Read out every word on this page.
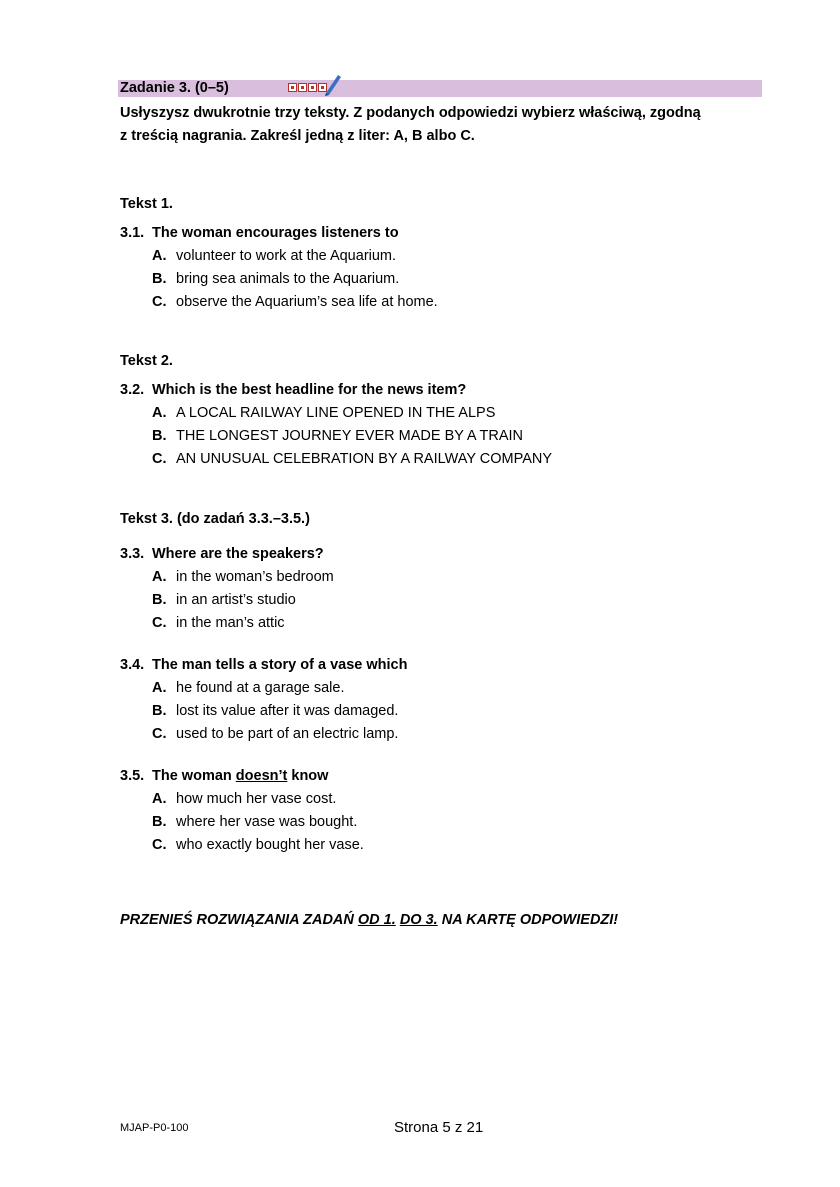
Zadanie 3. (0–5)
Usłyszysz dwukrotnie trzy teksty. Z podanych odpowiedzi wybierz właściwą, zgodną
z treścią nagrania. Zakreśl jedną z liter: A, B albo C.
Tekst 1.
3.1. The woman encourages listeners to
A. volunteer to work at the Aquarium.
B. bring sea animals to the Aquarium.
C. observe the Aquarium’s sea life at home.
Tekst 2.
3.2. Which is the best headline for the news item?
A. A LOCAL RAILWAY LINE OPENED IN THE ALPS
B. THE LONGEST JOURNEY EVER MADE BY A TRAIN
C. AN UNUSUAL CELEBRATION BY A RAILWAY COMPANY
Tekst 3. (do zadań 3.3.–3.5.)
3.3. Where are the speakers?
A. in the woman’s bedroom
B. in an artist’s studio
C. in the man’s attic
3.4. The man tells a story of a vase which
A. he found at a garage sale.
B. lost its value after it was damaged.
C. used to be part of an electric lamp.
3.5. The woman doesn’t know
A. how much her vase cost.
B. where her vase was bought.
C. who exactly bought her vase.
PRZENIEŚ ROZWIĄZANIA ZADAŃ OD 1. DO 3. NA KARTĘ ODPOWIEDZI!
MJAP-P0-100	Strona 5 z 21
